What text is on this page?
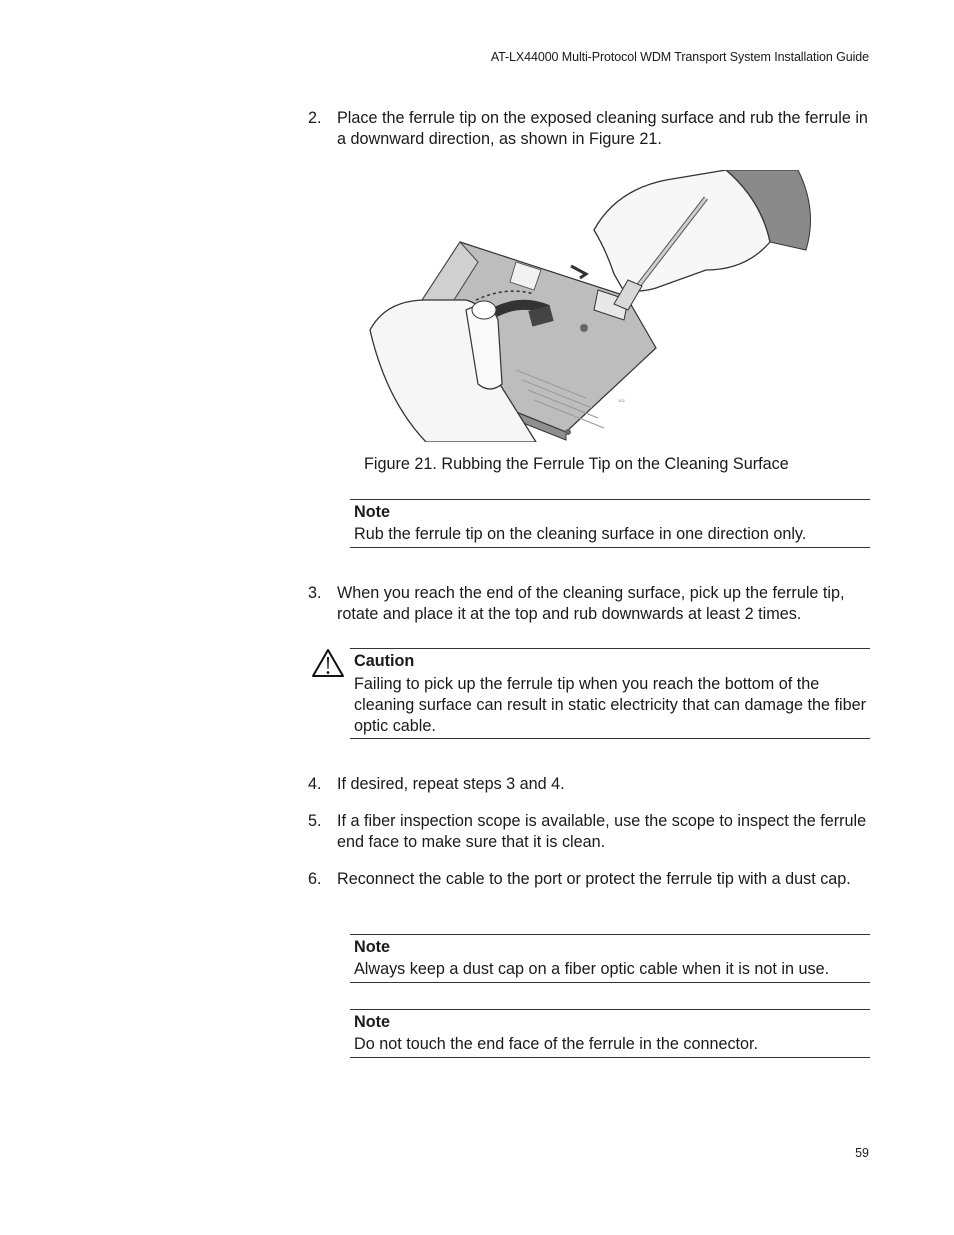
AT-LX44000 Multi-Protocol WDM Transport System Installation Guide
2. Place the ferrule tip on the exposed cleaning surface and rub the ferrule in a downward direction, as shown in Figure 21.
102
Figure 21. Rubbing the Ferrule Tip on the Cleaning Surface
Note
Rub the ferrule tip on the cleaning surface in one direction only.
3. When you reach the end of the cleaning surface, pick up the ferrule tip, rotate and place it at the top and rub downwards at least 2 times.
Caution
Failing to pick up the ferrule tip when you reach the bottom of the cleaning surface can result in static electricity that can damage the fiber optic cable.
4. If desired, repeat steps 3 and 4.
5. If a fiber inspection scope is available, use the scope to inspect the ferrule end face to make sure that it is clean.
6. Reconnect the cable to the port or protect the ferrule tip with a dust cap.
Note
Always keep a dust cap on a fiber optic cable when it is not in use.
Note
Do not touch the end face of the ferrule in the connector.
59
